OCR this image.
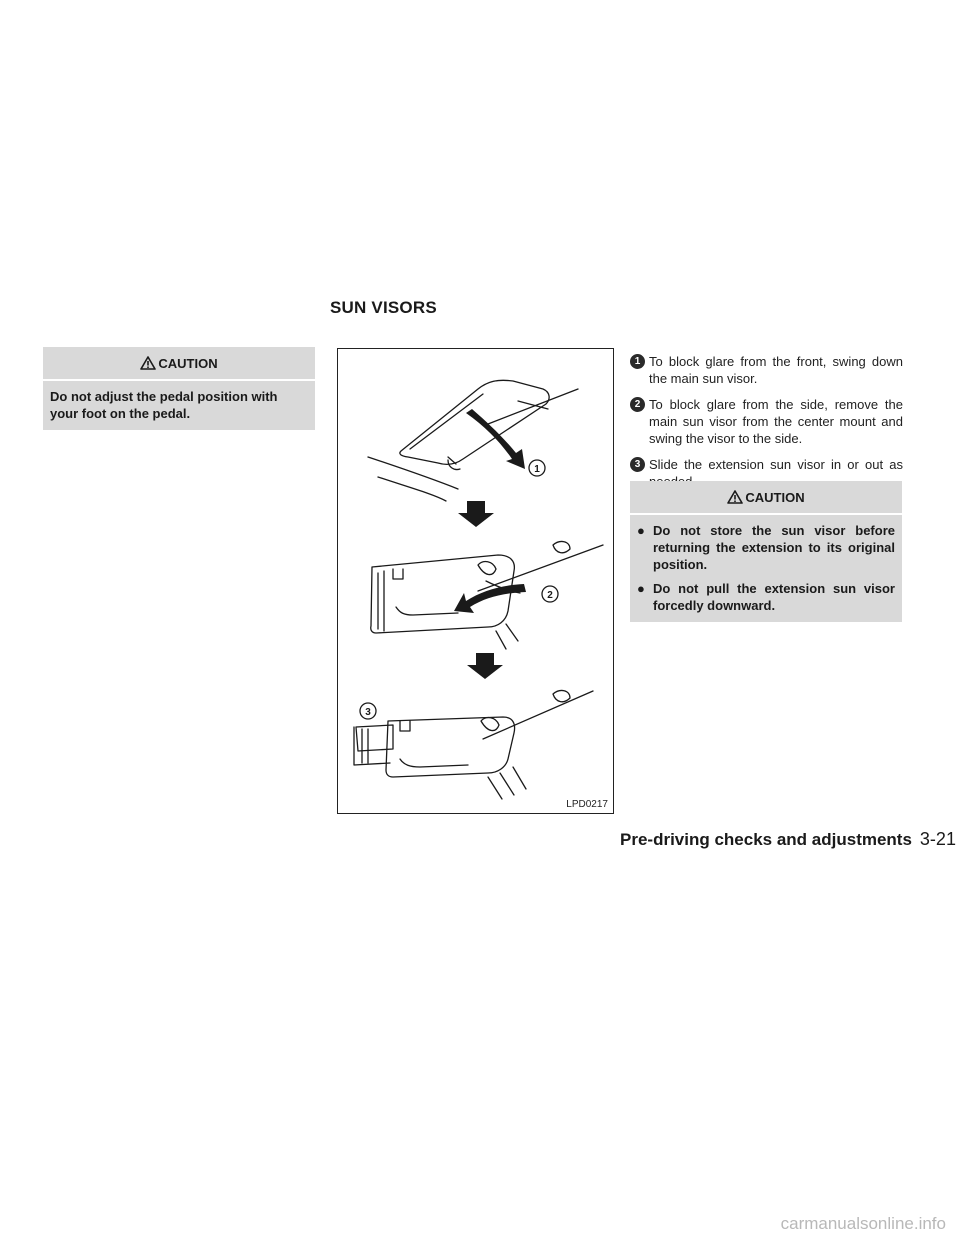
SUN VISORS
CAUTION
Do not adjust the pedal position with your foot on the pedal.
1
2
3
LPD0217
1 To block glare from the front, swing down the main sun visor.
2 To block glare from the side, remove the main sun visor from the center mount and swing the visor to the side.
3 Slide the extension sun visor in or out as
CAUTION
● Do not store the sun visor before returning the extension to its original position.
● Do not pull the extension sun visor forcedly downward.
Pre-driving checks and adjustments 3-21
carmanualsonline.info
